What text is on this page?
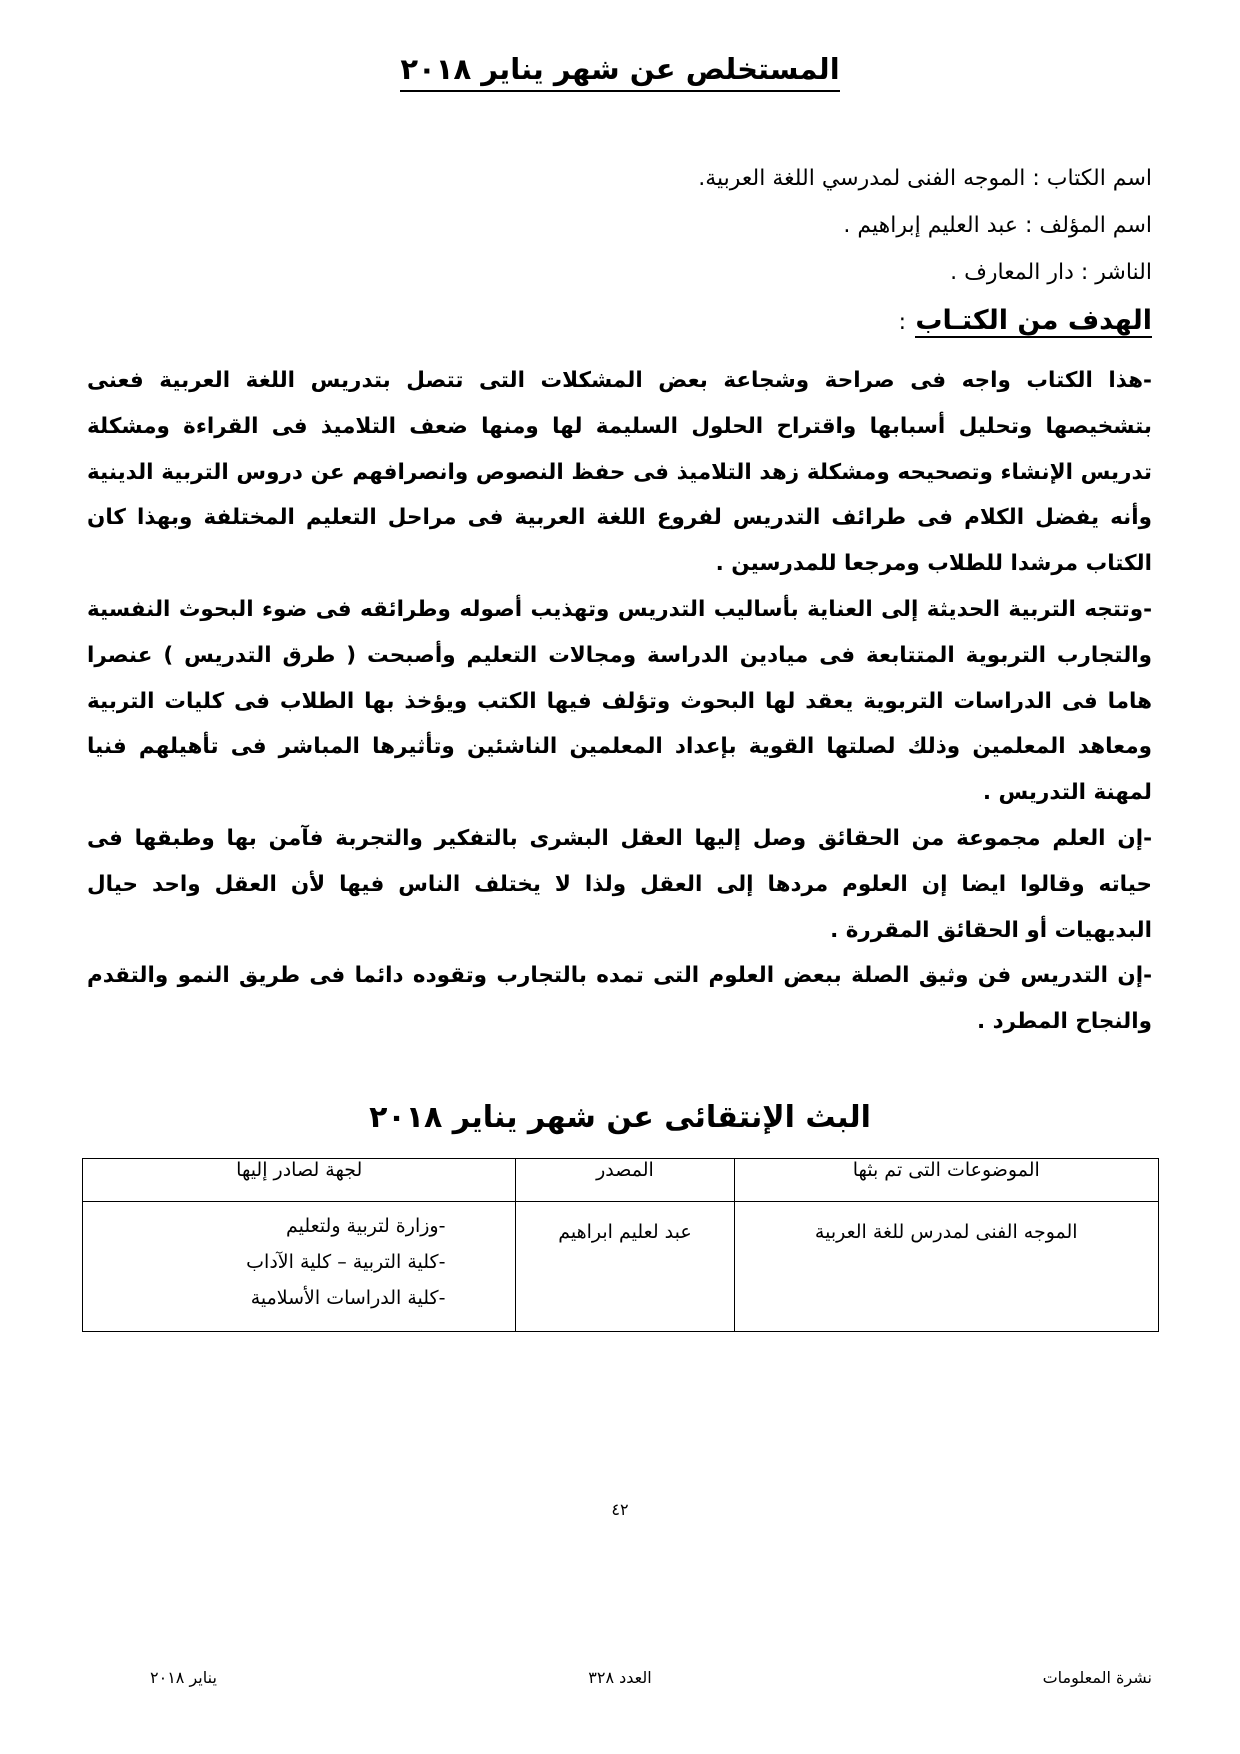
المستخلص عن شهر يناير ٢٠١٨
اسم الكتاب : الموجه الفنى لمدرسي اللغة العربية.
اسم المؤلف : عبد العليم إبراهيم .
الناشر : دار المعارف .
الهدف من الكتـاب :

-هذا الكتاب واجه فى صراحة وشجاعة بعض المشكلات التى تتصل بتدريس اللغة العربية فعنى بتشخيصها وتحليل أسبابها واقتراح الحلول السليمة لها ومنها ضعف التلاميذ فى القراءة ومشكلة تدريس الإنشاء وتصحيحه ومشكلة زهد التلاميذ فى حفظ النصوص وانصرافهم عن دروس التربية الدينية وأنه يفضل الكلام فى طرائف التدريس لفروع اللغة العربية فى مراحل التعليم المختلفة وبهذا كان الكتاب مرشدا للطلاب ومرجعا للمدرسين .

-وتتجه التربية الحديثة إلى العناية بأساليب التدريس وتهذيب أصوله وطرائقه فى ضوء البحوث النفسية والتجارب التربوية المتتابعة فى ميادين الدراسة ومجالات التعليم وأصبحت ( طرق التدريس ) عنصرا هاما فى الدراسات التربوية يعقد لها البحوث وتؤلف فيها الكتب ويؤخذ بها الطلاب فى كليات التربية ومعاهد المعلمين وذلك لصلتها القوية بإعداد المعلمين الناشئين وتأثيرها المباشر فى تأهيلهم فنيا لمهنة التدريس .

-إن العلم مجموعة من الحقائق وصل إليها العقل البشرى بالتفكير والتجربة فآمن بها وطبقها فى حياته وقالوا ايضا إن العلوم مردها إلى العقل ولذا لا يختلف الناس فيها لأن العقل واحد حيال البديهيات أو الحقائق المقررة .

-إن التدريس فن وثيق الصلة ببعض العلوم التى تمده بالتجارب وتقوده دائما فى طريق النمو والتقدم والنجاح المطرد .

البث الإنتقائى عن شهر يناير ٢٠١٨
الموضوعات التى تم بثها	المصدر	لجهة لصادر إليها
الموجه الفنى لمدرس للغة العربية	عبد لعليم ابراهيم	-وزارة لتربية ولتعليم
-كلية التربية – كلية الآداب
-كلية الدراسات الأسلامية
٤٢
نشرة المعلومات
العدد ٣٢٨
يناير ٢٠١٨
